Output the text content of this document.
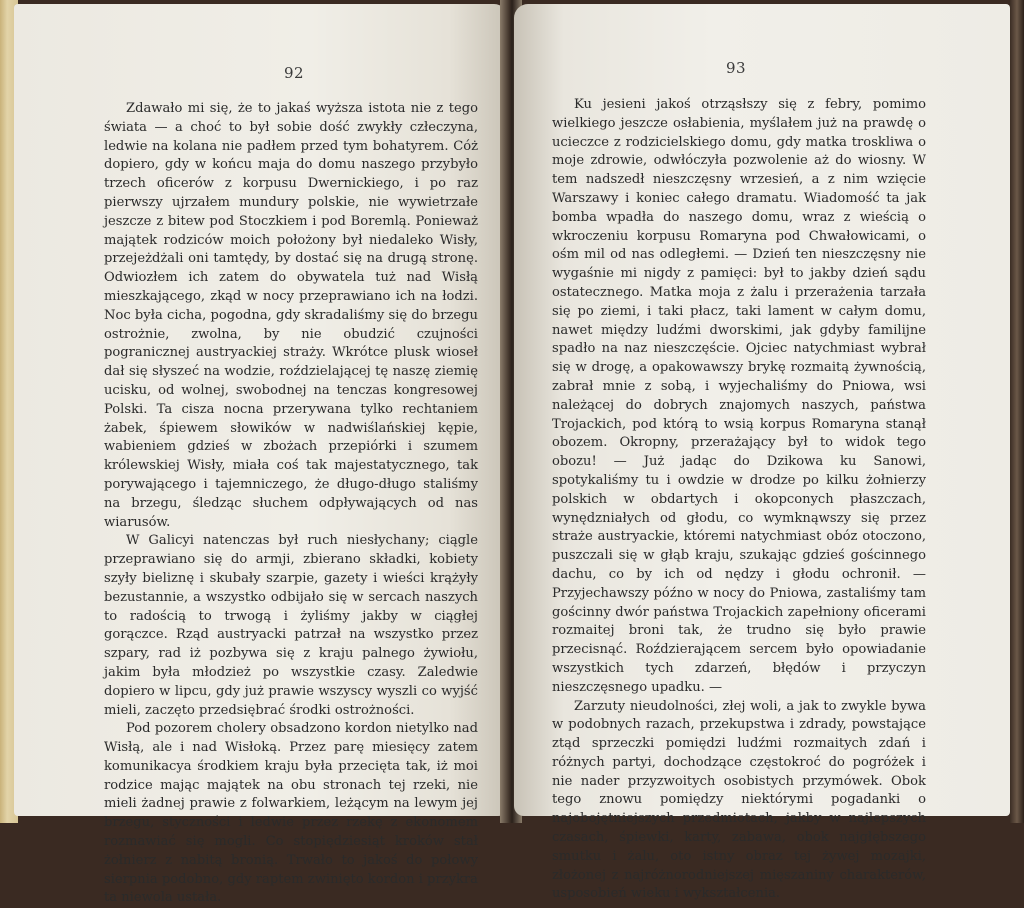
92

Zdawało mi się, że to jakaś wyższa istota nie z tego świata — a choć to był sobie dość zwykły człeczyna, ledwie na kolana nie padłem przed tym bohatyrem. Cóż dopiero, gdy w końcu maja do domu naszego przybyło trzech oficerów z korpusu Dwernickiego, i po raz pierwszy ujrzałem mundury polskie, nie wywietrzałe jeszcze z bitew pod Stoczkiem i pod Boremlą. Ponieważ majątek rodziców moich położony był niedaleko Wisły, przejeżdżali oni tamtędy, by dostać się na drugą stronę. Odwiozłem ich zatem do obywatela tuż nad Wisłą mieszkającego, zkąd w nocy przeprawiano ich na łodzi. Noc była cicha, pogodna, gdy skradaliśmy się do brzegu ostrożnie, zwolna, by nie obudzić czujności pogranicznej austryackiej straży. Wkrótce plusk wioseł dał się słyszeć na wodzie, roździelającej tę naszę ziemię ucisku, od wolnej, swobodnej na tenczas kongresowej Polski. Ta cisza nocna przerywana tylko rechtaniem żabek, śpiewem słowików w nadwiślańskiej kępie, wabieniem gdzieś w zbożach przepiórki i szumem królewskiej Wisły, miała coś tak majestatycznego, tak porywającego i tajemniczego, że długo-długo staliśmy na brzegu, śledząc słuchem odpływających od nas wiarusów.

W Galicyi natenczas był ruch niesłychany; ciągle przeprawiano się do armji, zbierano składki, kobiety szyły bieliznę i skubały szarpie, gazety i wieści krążyły bezustannie, a wszystko odbijało się w sercach naszych to radością to trwogą i żyliśmy jakby w ciągłej gorączce. Rząd austryacki patrzał na wszystko przez szpary, rad iż pozbywa się z kraju palnego żywiołu, jakim była młodzież po wszystkie czasy. Zaledwie dopiero w lipcu, gdy już prawie wszyscy wyszli co wyjść mieli, zaczęto przedsiębrać środki ostrożności.

Pod pozorem cholery obsadzono kordon nietylko nad Wisłą, ale i nad Wisłoką. Przez parę miesięcy zatem komunikacya środkiem kraju była przecięta tak, iż moi rodzice mając majątek na obu stronach tej rzeki, nie mieli żadnej prawie z folwarkiem, leżącym na lewym jej brzegu, styczności i ledwie przez rzekę z ekonomem rozmawiać się mogli. Co stopiędziesiąt kroków stał żołnierz z nabitą bronią. Trwało to jakoś do połowy sierpnia podobno, gdy raptem zwinięto kordon i przykra ta niewola ustała.

93

Ku jesieni jakoś otrząsłszy się z febry, pomimo wielkiego jeszcze osłabienia, myślałem już na prawdę o ucieczce z rodzicielskiego domu, gdy matka troskliwa o moje zdrowie, odwłóczyła pozwolenie aż do wiosny. W tem nadszedł nieszczęsny wrzesień, a z nim wzięcie Warszawy i koniec całego dramatu. Wiadomość ta jak bomba wpadła do naszego domu, wraz z wieścią o wkroczeniu korpusu Romaryna pod Chwałowicami, o ośm mil od nas odległemi. — Dzień ten nieszczęsny nie wygaśnie mi nigdy z pamięci: był to jakby dzień sądu ostatecznego. Matka moja z żalu i przerażenia tarzała się po ziemi, i taki płacz, taki lament w całym domu, nawet między ludźmi dworskimi, jak gdyby familijne spadło na naz nieszczęście. Ojciec natychmiast wybrał się w drogę, a opakowawszy brykę rozmaitą żywnością, zabrał mnie z sobą, i wyjechaliśmy do Pniowa, wsi należącej do dobrych znajomych naszych, państwa Trojackich, pod którą to wsią korpus Romaryna stanął obozem. Okropny, przerażający był to widok tego obozu! — Już jadąc do Dzikowa ku Sanowi, spotykaliśmy tu i owdzie w drodze po kilku żołnierzy polskich w obdartych i okopconych płaszczach, wynędzniałych od głodu, co wymknąwszy się przez straże austryackie, któremi natychmiast obóz otoczono, puszczali się w głąb kraju, szukając gdzieś gościnnego dachu, co by ich od nędzy i głodu ochronił. — Przyjechawszy późno w nocy do Pniowa, zastaliśmy tam gościnny dwór państwa Trojackich zapełniony oficerami rozmaitej broni tak, że trudno się było prawie przecisnąć. Roździerającem sercem było opowiadanie wszystkich tych zdarzeń, błędów i przyczyn nieszczęsnego upadku. —

Zarzuty nieudolności, złej woli, a jak to zwykle bywa w podobnych razach, przekupstwa i zdrady, powstające ztąd sprzeczki pomiędzi ludźmi rozmaitych zdań i różnych partyi, dochodzące częstokroć do pogróżek i nie nader przyzwoitych osobistych przymówek. Obok tego znowu pomiędzy niektórymi pogadanki o najobojętniejszych przedmiotach, jakby w najlepszych czasach, śpiewki, karty, zabawa, obok najgłębszego smutku i żalu, oto istny obraz tej żywej mozajki, złożonej z najróżnorodniejszej mięszaniny charakterów, usposobień wieku i wykształcenia.
